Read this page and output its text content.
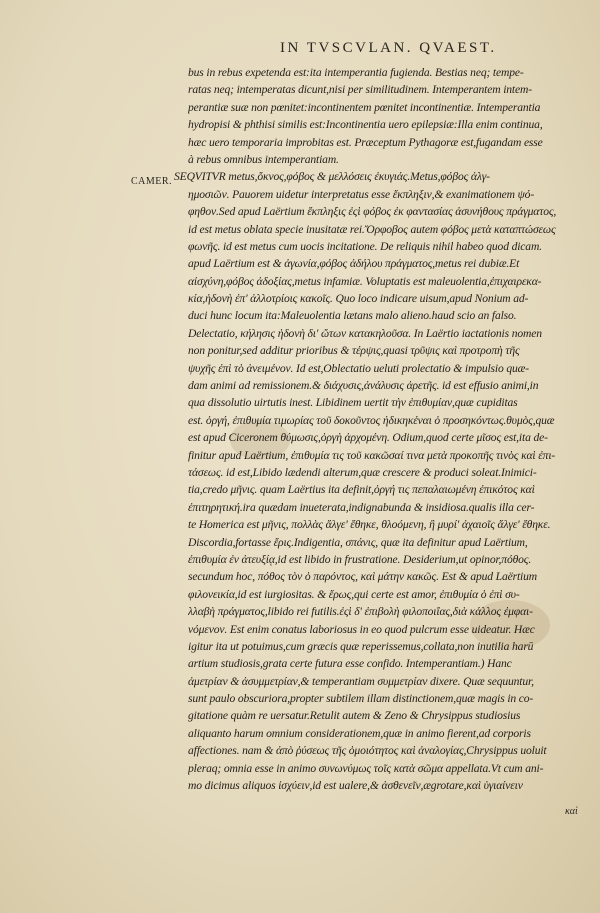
IN TVSCVLAN. QVAEST.
CAMER.
bus in rebus expetenda est:ita intemperantia fugienda. Bestias neq; tempe-
ratas neq; intemperatas dicunt,nisi per similitudinem. Intemperantem intem-
perantiæ suæ non pœnitet:incontinentem pœnitet incontinentiæ. Intemperantia
hydropisi & phthisi similis est:Incontinentia uero epilepsiæ:Illa enim continua,
hæc uero temporaria improbitas est. Præceptum Pythagoræ est,fugandam esse
à rebus omnibus intemperantiam.
SEQVITVR metus,ὄκνος,φόβος & μελλόσεις ἐκυγιάς.Metus,φόβος ἀλγ-
ημοσιῶν. Pauorem uidetur interpretatus esse ἔκπληξιν,& exanimationem ψό-
φηθον.Sed apud Laërtium ἔκπληξις ἐςὶ φόβος ἐκ φαντασίας ἀσυνήθους πράγματος,
id est metus oblata specie inusitatæ rei.Ὄρφοβος autem φόβος μετὰ καταπτώσεως
φωνῆς. id est metus cum uocis incitatione. De reliquis nihil habeo quod dicam.
apud Laërtium est & ἀγωνία,φόβος ἀδήλου πράγματος,metus rei dubiæ.Et
αἰσχύνη,φόβος ἀδοξίας,metus infamiæ. Voluptatis est maleuolentia,ἐπιχαιρεκα-
κία,ἡδονὴ ἐπ' ἀλλοτρίοις κακοῖς. Quo loco indicare uisum,apud Nonium ad-
duci hunc locum ita:Maleuolentia lætans malo alieno.haud scio an falso.
Delectatio, κήλησις ἡδονὴ δι' ὤτων κατακηλοῦσα. In Laërtio iactationis nomen
non ponitur,sed additur prioribus & τέρψις,quasi τρῦψις καὶ προτροπὴ τῆς
ψυχῆς ἐπὶ τὸ ἀνειμένον. Id est,Oblectatio ueluti prolectatio & impulsio quæ-
dam animi ad remissionem.& διάχυσις,ἀνάλυσις ἀρετῆς. id est effusio animi,in
qua dissolutio uirtutis inest. Libidinem uertit τὴν ἐπιθυμίαν,quæ cupiditas
est. ὀργή, ἐπιθυμία τιμωρίας τοῦ δοκοῦντος ἠδικηκέναι ὁ προσηκόντως.θυμὸς,quæ
est apud Ciceronem θύμωσις,ὀργὴ ἀρχομένη. Odium,quod certe μῖσος est,ita de-
finitur apud Laërtium, ἐπιθυμία τις τοῦ κακῶσαί τινα μετὰ προκοπῆς τινὸς καὶ ἐπι-
τάσεως. id est,Libido lædendi alterum,quæ crescere & produci soleat.Inimici-
tia,credo μῆνις. quam Laërtius ita definit,ὀργή τις πεπαλαιωμένη ἐπικότος καὶ
ἐπιτηρητική.ira quædam inueterata,indignabunda & insidiosa.qualis illa cer-
te Homerica est μῆνις, πολλὰς ἄλγε' ἔθηκε, θλοόμενη, ἣ μυρί' ἀχαιοῖς ἄλγε' ἔθηκε.
Discordia,fortasse ἔρις.Indigentia, σπάνις, quæ ita definitur apud Laërtium,
ἐπιθυμία ἐν ἀτευξίᾳ,id est libido in frustratione. Desiderium,ut opinor,πόθος.
secundum hoc, πόθος τὸν ὁ παρόντος, καὶ μάτην κακῶς. Est & apud Laërtium
φιλονεικία,id est iurgiositas. & ἔρως,qui certe est amor, ἐπιθυμία ὁ ἐπὶ συ-
λλαβὴ πράγματος,libido rei futilis.ἐςὶ δ' ἐπιβολὴ φιλοποιΐας,διὰ κάλλος ἐμφαι-
νόμενον. Est enim conatus laboriosus in eo quod pulcrum esse uideatur. Hæc
igitur ita ut potuimus,cum græcis quæ reperissemus,collata,non inutilia harū
artium studiosis,grata certe futura esse confido. Intemperantiam.) Hanc
ἀμετρίαν & ἀσυμμετρίαν,& temperantiam συμμετρίαν dixere. Quæ sequuntur,
sunt paulo obscuriora,propter subtilem illam distinctionem,quæ magis in co-
gitatione quàm re uersatur.Retulit autem & Zeno & Chrysippus studiosius
aliquanto harum omnium considerationem,quæ in animo fierent,ad corporis
affectiones. nam & ἀπὸ ῥύσεως τῆς ὁμοιότητος καὶ ἀναλογίας,Chrysippus uoluit
pleraq; omnia esse in animo συνωνύμως τοῖς κατὰ σῶμα appellata.Vt cum ani-
mo dicimus aliquos ἰσχύειν,id est ualere,& ἀσθενεῖν,ægrotare,καὶ ὑγιαίνειν
καὶ
